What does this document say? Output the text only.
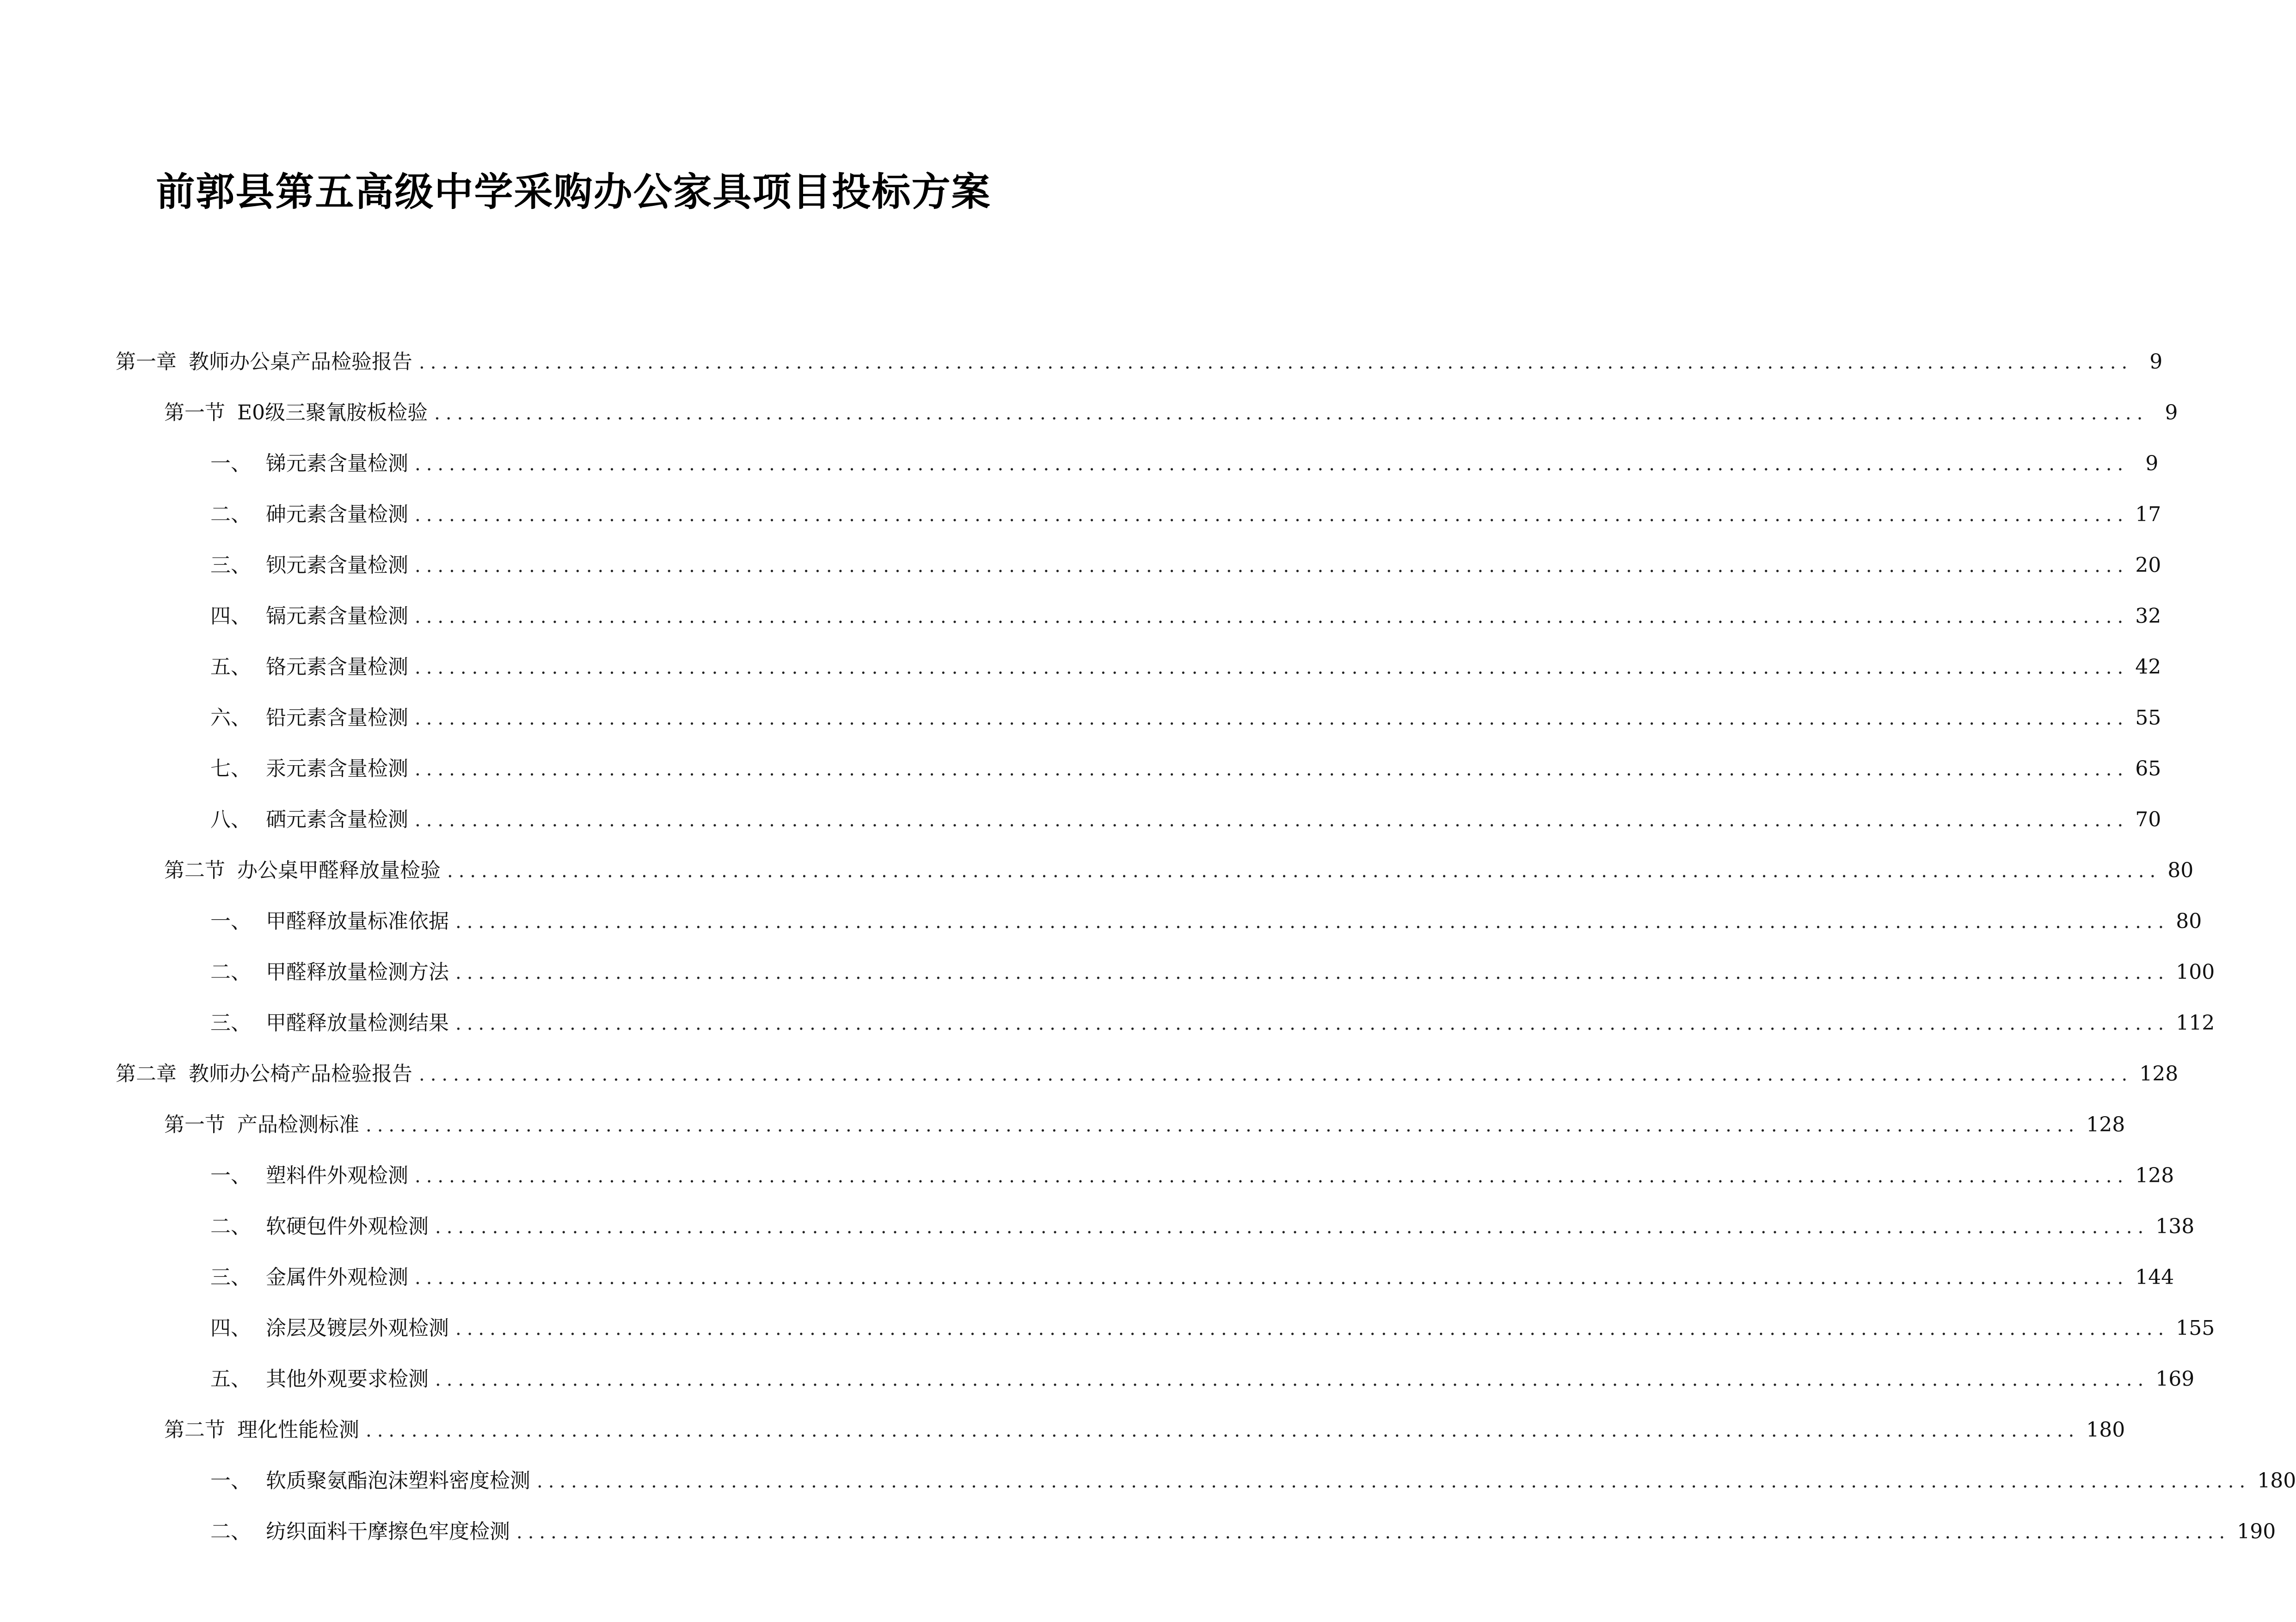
前郭县第五高级中学采购办公家具项目投标方案
第一章 教师办公桌产品检验报告 ...................................................................................................................................................... 9
第一节 E0级三聚氰胺板检验 ...................................................................................................................................................... 9
一、 锑元素含量检测 ...................................................................................................................................................... 9
二、 砷元素含量检测 ...................................................................................................................................................... 17
三、 钡元素含量检测 ...................................................................................................................................................... 20
四、 镉元素含量检测 ...................................................................................................................................................... 32
五、 铬元素含量检测 ...................................................................................................................................................... 42
六、 铅元素含量检测 ...................................................................................................................................................... 55
七、 汞元素含量检测 ...................................................................................................................................................... 65
八、 硒元素含量检测 ...................................................................................................................................................... 70
第二节 办公桌甲醛释放量检验 ...................................................................................................................................................... 80
一、 甲醛释放量标准依据 ...................................................................................................................................................... 80
二、 甲醛释放量检测方法 ...................................................................................................................................................... 100
三、 甲醛释放量检测结果 ...................................................................................................................................................... 112
第二章 教师办公椅产品检验报告 ...................................................................................................................................................... 128
第一节 产品检测标准 ...................................................................................................................................................... 128
一、 塑料件外观检测 ...................................................................................................................................................... 128
二、 软硬包件外观检测 ...................................................................................................................................................... 138
三、 金属件外观检测 ...................................................................................................................................................... 144
四、 涂层及镀层外观检测 ...................................................................................................................................................... 155
五、 其他外观要求检测 ...................................................................................................................................................... 169
第二节 理化性能检测 ...................................................................................................................................................... 180
一、 软质聚氨酯泡沫塑料密度检测 ...................................................................................................................................................... 180
二、 纺织面料干摩擦色牢度检测 ...................................................................................................................................................... 190
